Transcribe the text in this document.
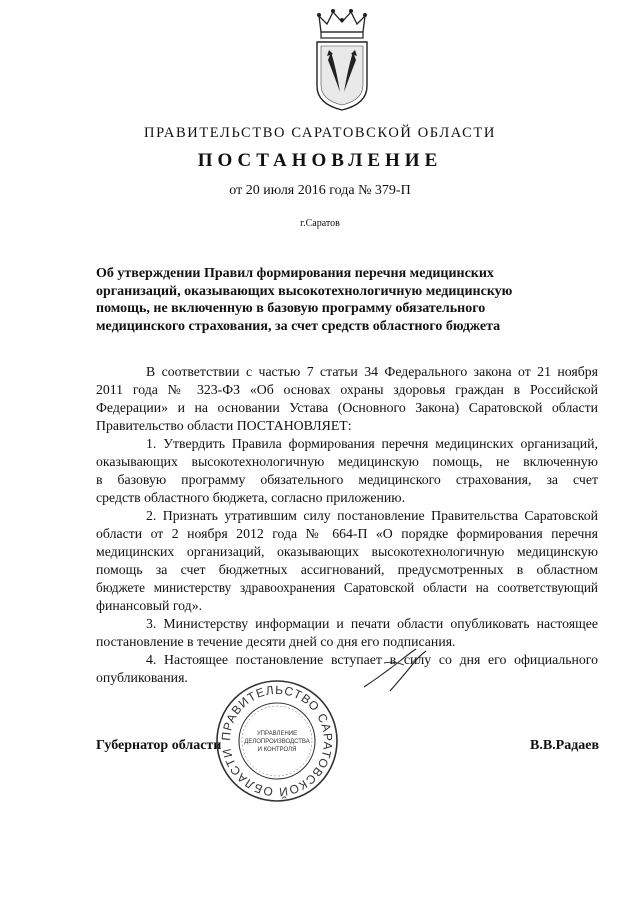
ПРАВИТЕЛЬСТВО САРАТОВСКОЙ ОБЛАСТИ
ПОСТАНОВЛЕНИЕ
от 20 июля 2016 года № 379-П
г.Саратов
Об утверждении Правил формирования перечня медицинских
организаций, оказывающих высокотехнологичную медицинскую
помощь, не включенную в базовую программу обязательного
медицинского страхования, за счет средств областного бюджета
В соответствии с частью 7 статьи 34 Федерального закона от 21 ноября
2011 года № 323-ФЗ «Об основах охраны здоровья граждан в Российской
Федерации» и на основании Устава (Основного Закона) Саратовской области
Правительство области ПОСТАНОВЛЯЕТ:
1. Утвердить Правила формирования перечня медицинских организаций,
оказывающих высокотехнологичную медицинскую помощь, не включенную
в базовую программу обязательного медицинского страхования, за счет
средств областного бюджета, согласно приложению.
2. Признать утратившим силу постановление Правительства Саратовской
области от 2 ноября 2012 года № 664-П «О порядке формирования перечня
медицинских организаций, оказывающих высокотехнологичную медицинскую
помощь за счет бюджетных ассигнований, предусмотренных в областном
бюджете министерству здравоохранения Саратовской области на соответствующий
финансовый год».
3. Министерству информации и печати области опубликовать настоящее
постановление в течение десяти дней со дня его подписания.
4. Настоящее постановление вступает в силу со дня его официального
опубликования.
ПРАВИТЕЛЬСТВО САРАТОВСКОЙ ОБЛАСТИ
УПРАВЛЕНИЕ
ДЕЛОПРОИЗВОДСТВА
И КОНТРОЛЯ
Губернатор области	В.В.Радаев
